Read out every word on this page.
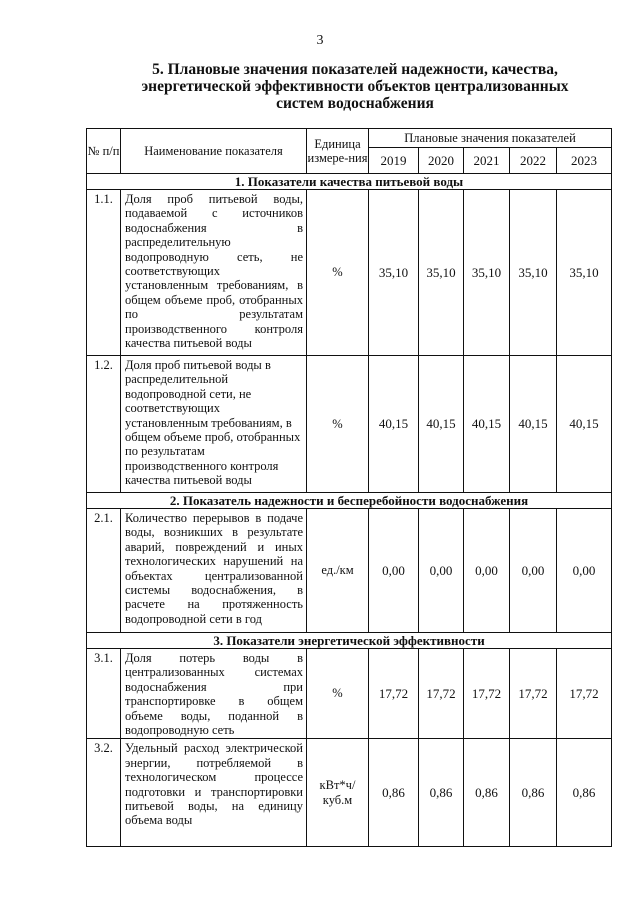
3
5. Плановые значения показателей надежности, качества,
энергетической эффективности объектов централизованных
систем водоснабжения
№ п/п	Наименование показателя	Единица измере-ния	Плановые значения показателей				
			2019	2020	2021	2022	2023
1. Показатели качества питьевой воды							
1.1.	Доля проб питьевой воды, подаваемой с источников водоснабжения в распределительную водопроводную сеть, не соответствующих установленным требованиям, в общем объеме проб, отобранных по результатам производственного контроля качества питьевой воды	%	35,10	35,10	35,10	35,10	35,10
1.2.	Доля проб питьевой воды в распределительной водопроводной сети, не соответствующих установленным требованиям, в общем объеме проб, отобранных по результатам производственного контроля качества питьевой воды	%	40,15	40,15	40,15	40,15	40,15
2. Показатель надежности и бесперебойности водоснабжения							
2.1.	Количество перерывов в подаче воды, возникших в результате аварий, повреждений и иных технологических нарушений на объектах централизованной системы водоснабжения, в расчете на протяженность водопроводной сети в год	ед./км	0,00	0,00	0,00	0,00	0,00
3. Показатели энергетической эффективности							
3.1.	Доля потерь воды в централизованных системах водоснабжения при транспортировке в общем объеме воды, поданной в водопроводную сеть	%	17,72	17,72	17,72	17,72	17,72
3.2.	Удельный расход электрической энергии, потребляемой в технологическом процессе подготовки и транспортировки питьевой воды, на единицу объема воды	кВт*ч/ куб.м	0,86	0,86	0,86	0,86	0,86
